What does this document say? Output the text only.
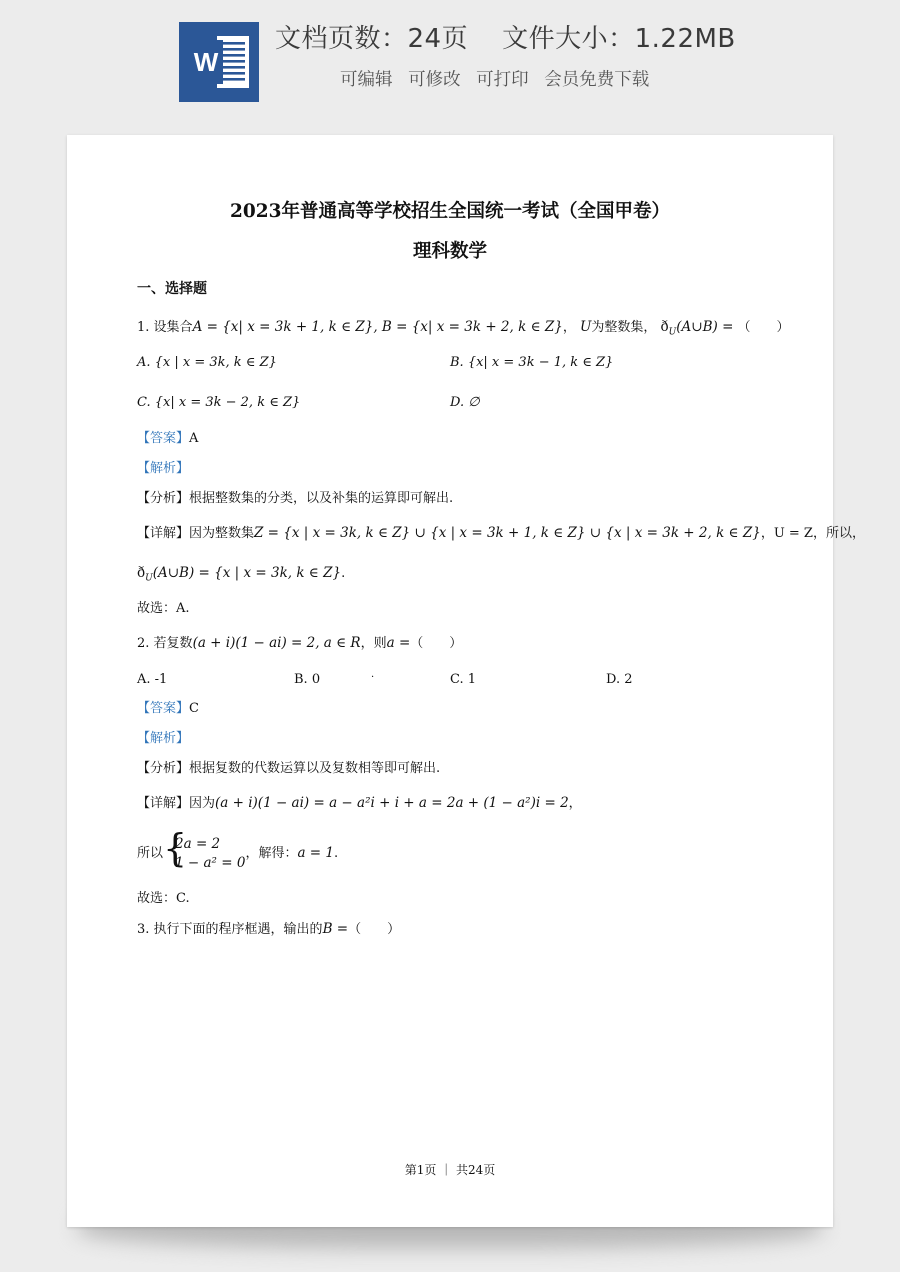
W
文档页数：24页 文件大小：1.22MB
可编辑 可修改 可打印 会员免费下载
2023年普通高等学校招生全国统一考试（全国甲卷）
理科数学
一、选择题
1. 设集合A = {x| x = 3k + 1, k ∈ Z}, B = {x| x = 3k + 2, k ∈ Z}， U为整数集， $ð_U(A\cup B)$ = （　　）
A. {x | x = 3k, k ∈ Z}	B. {x| x = 3k − 1, k ∈ Z}
C. {x| x = 3k − 2, k ∈ Z}	D. ∅
【答案】A
【解析】
【分析】根据整数集的分类，以及补集的运算即可解出.
【详解】因为整数集Z = {x | x = 3k, k ∈ Z} ∪ {x | x = 3k + 1, k ∈ Z} ∪ {x | x = 3k + 2, k ∈ Z}，U = Z，所以，
$ð_U(A\cup B) = \{x$ | x = 3k, k ∈ Z}.
故选：A.
2. 若复数(a + i)(1 − ai) = 2, a ∈ R，则a =（　　）
A. -1	B. 0	·	C. 1	D. 2
【答案】C
【解析】
【分析】根据复数的代数运算以及复数相等即可解出.
【详解】因为(a + i)(1 − ai) = a − a²i + i + a = 2a + (1 − a²)i = 2，
所以 {
2a = 2
1 − a² = 0
，解得：a = 1.
故选：C.
3. 执行下面的程序框遇，输出的B =（　　）
第1页 ｜ 共24页
